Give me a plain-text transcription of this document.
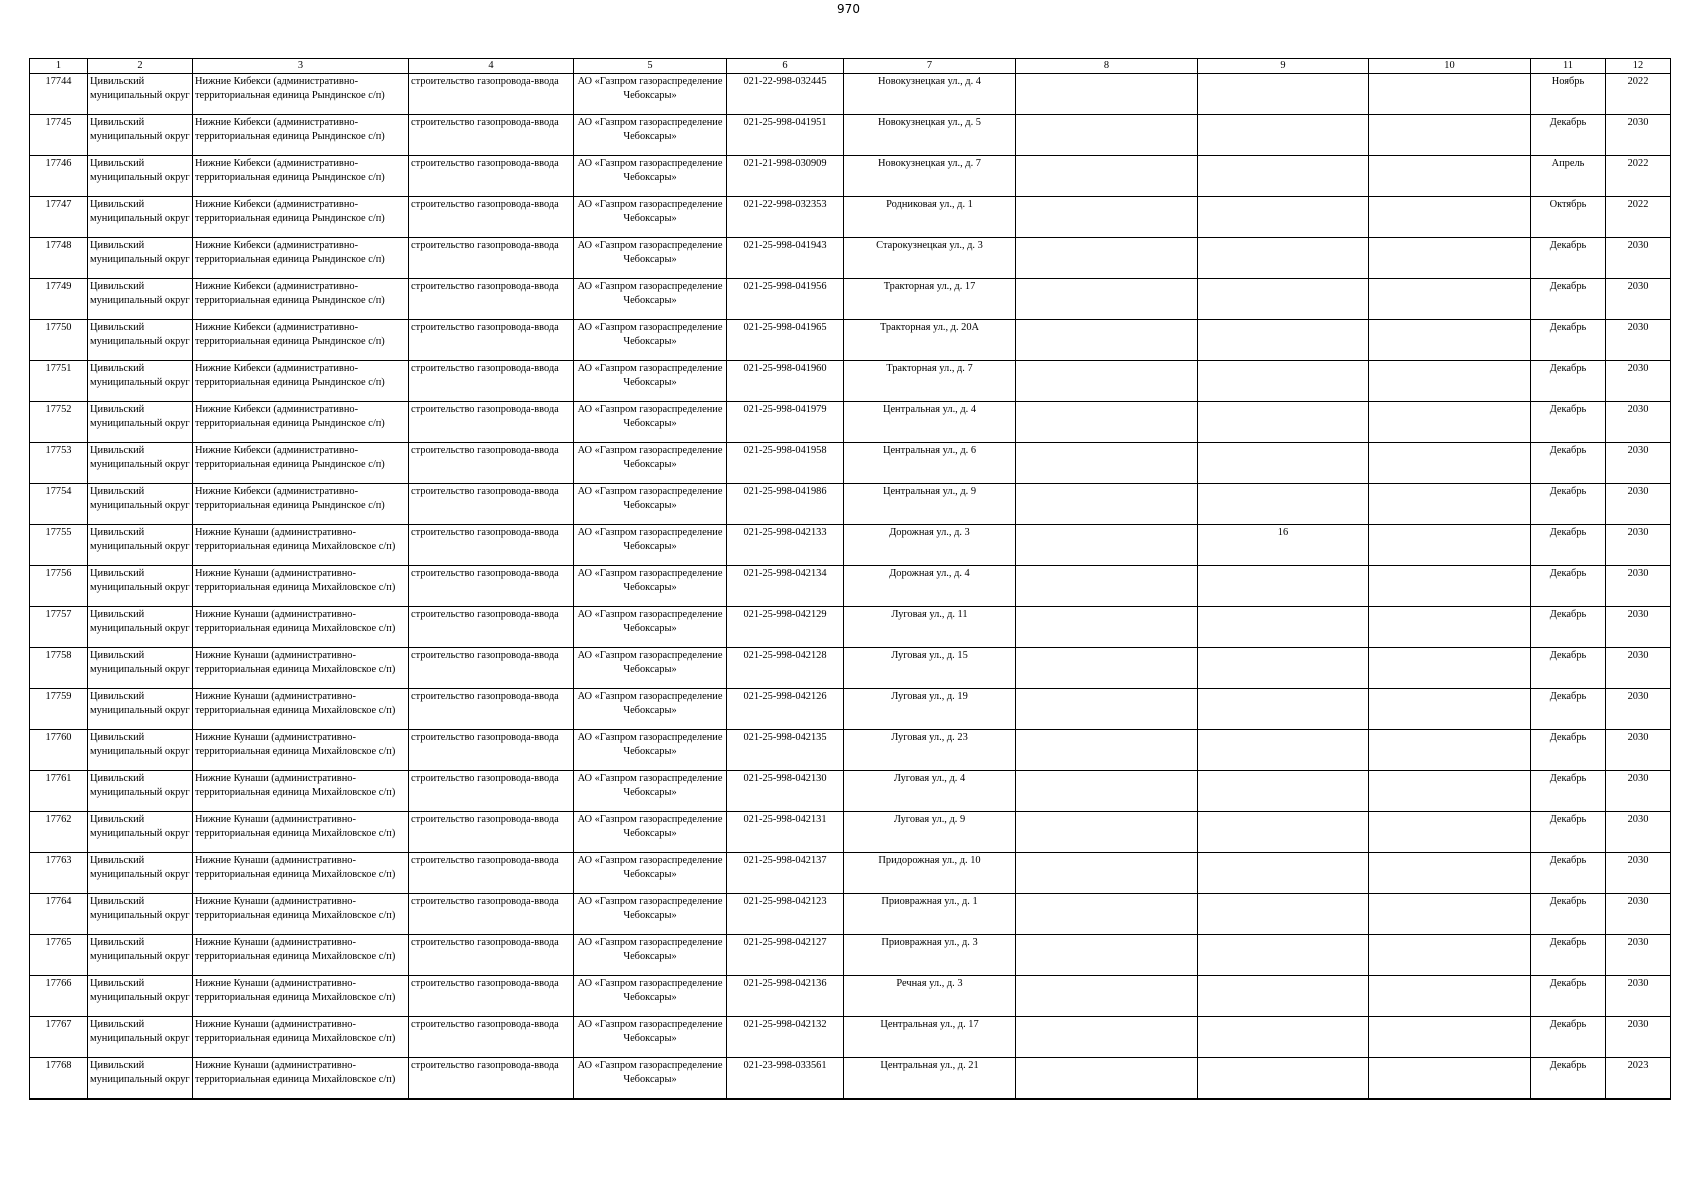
970
1	2	3	4	5	6	7	8	9	10	11	12

17744	Цивильский муниципальный округ	Нижние Кибекси (административно-территориальная единица Рындинское с/п)	строительство газопровода-ввода	АО «Газпром газораспределение Чебоксары»	021-22-998-032445	Новокузнецкая ул., д. 4				Ноябрь	2022

17745	Цивильский муниципальный округ	Нижние Кибекси (административно-территориальная единица Рындинское с/п)	строительство газопровода-ввода	АО «Газпром газораспределение Чебоксары»	021-25-998-041951	Новокузнецкая ул., д. 5				Декабрь	2030

17746	Цивильский муниципальный округ	Нижние Кибекси (административно-территориальная единица Рындинское с/п)	строительство газопровода-ввода	АО «Газпром газораспределение Чебоксары»	021-21-998-030909	Новокузнецкая ул., д. 7				Апрель	2022

17747	Цивильский муниципальный округ	Нижние Кибекси (административно-территориальная единица Рындинское с/п)	строительство газопровода-ввода	АО «Газпром газораспределение Чебоксары»	021-22-998-032353	Родниковая ул., д. 1				Октябрь	2022

17748	Цивильский муниципальный округ	Нижние Кибекси (административно-территориальная единица Рындинское с/п)	строительство газопровода-ввода	АО «Газпром газораспределение Чебоксары»	021-25-998-041943	Старокузнецкая ул., д. 3				Декабрь	2030

17749	Цивильский муниципальный округ	Нижние Кибекси (административно-территориальная единица Рындинское с/п)	строительство газопровода-ввода	АО «Газпром газораспределение Чебоксары»	021-25-998-041956	Тракторная ул., д. 17				Декабрь	2030

17750	Цивильский муниципальный округ	Нижние Кибекси (административно-территориальная единица Рындинское с/п)	строительство газопровода-ввода	АО «Газпром газораспределение Чебоксары»	021-25-998-041965	Тракторная ул., д. 20А				Декабрь	2030

17751	Цивильский муниципальный округ	Нижние Кибекси (административно-территориальная единица Рындинское с/п)	строительство газопровода-ввода	АО «Газпром газораспределение Чебоксары»	021-25-998-041960	Тракторная ул., д. 7				Декабрь	2030

17752	Цивильский муниципальный округ	Нижние Кибекси (административно-территориальная единица Рындинское с/п)	строительство газопровода-ввода	АО «Газпром газораспределение Чебоксары»	021-25-998-041979	Центральная ул., д. 4				Декабрь	2030

17753	Цивильский муниципальный округ	Нижние Кибекси (административно-территориальная единица Рындинское с/п)	строительство газопровода-ввода	АО «Газпром газораспределение Чебоксары»	021-25-998-041958	Центральная ул., д. 6				Декабрь	2030

17754	Цивильский муниципальный округ	Нижние Кибекси (административно-территориальная единица Рындинское с/п)	строительство газопровода-ввода	АО «Газпром газораспределение Чебоксары»	021-25-998-041986	Центральная ул., д. 9				Декабрь	2030

17755	Цивильский муниципальный округ	Нижние Кунаши (административно-территориальная единица Михайловское с/п)	строительство газопровода-ввода	АО «Газпром газораспределение Чебоксары»	021-25-998-042133	Дорожная ул., д. 3		16		Декабрь	2030

17756	Цивильский муниципальный округ	Нижние Кунаши (административно-территориальная единица Михайловское с/п)	строительство газопровода-ввода	АО «Газпром газораспределение Чебоксары»	021-25-998-042134	Дорожная ул., д. 4				Декабрь	2030

17757	Цивильский муниципальный округ	Нижние Кунаши (административно-территориальная единица Михайловское с/п)	строительство газопровода-ввода	АО «Газпром газораспределение Чебоксары»	021-25-998-042129	Луговая ул., д. 11				Декабрь	2030

17758	Цивильский муниципальный округ	Нижние Кунаши (административно-территориальная единица Михайловское с/п)	строительство газопровода-ввода	АО «Газпром газораспределение Чебоксары»	021-25-998-042128	Луговая ул., д. 15				Декабрь	2030

17759	Цивильский муниципальный округ	Нижние Кунаши (административно-территориальная единица Михайловское с/п)	строительство газопровода-ввода	АО «Газпром газораспределение Чебоксары»	021-25-998-042126	Луговая ул., д. 19				Декабрь	2030

17760	Цивильский муниципальный округ	Нижние Кунаши (административно-территориальная единица Михайловское с/п)	строительство газопровода-ввода	АО «Газпром газораспределение Чебоксары»	021-25-998-042135	Луговая ул., д. 23				Декабрь	2030

17761	Цивильский муниципальный округ	Нижние Кунаши (административно-территориальная единица Михайловское с/п)	строительство газопровода-ввода	АО «Газпром газораспределение Чебоксары»	021-25-998-042130	Луговая ул., д. 4				Декабрь	2030

17762	Цивильский муниципальный округ	Нижние Кунаши (административно-территориальная единица Михайловское с/п)	строительство газопровода-ввода	АО «Газпром газораспределение Чебоксары»	021-25-998-042131	Луговая ул., д. 9				Декабрь	2030

17763	Цивильский муниципальный округ	Нижние Кунаши (административно-территориальная единица Михайловское с/п)	строительство газопровода-ввода	АО «Газпром газораспределение Чебоксары»	021-25-998-042137	Придорожная ул., д. 10				Декабрь	2030

17764	Цивильский муниципальный округ	Нижние Кунаши (административно-территориальная единица Михайловское с/п)	строительство газопровода-ввода	АО «Газпром газораспределение Чебоксары»	021-25-998-042123	Приовражная ул., д. 1				Декабрь	2030

17765	Цивильский муниципальный округ	Нижние Кунаши (административно-территориальная единица Михайловское с/п)	строительство газопровода-ввода	АО «Газпром газораспределение Чебоксары»	021-25-998-042127	Приовражная ул., д. 3				Декабрь	2030

17766	Цивильский муниципальный округ	Нижние Кунаши (административно-территориальная единица Михайловское с/п)	строительство газопровода-ввода	АО «Газпром газораспределение Чебоксары»	021-25-998-042136	Речная ул., д. 3				Декабрь	2030

17767	Цивильский муниципальный округ	Нижние Кунаши (административно-территориальная единица Михайловское с/п)	строительство газопровода-ввода	АО «Газпром газораспределение Чебоксары»	021-25-998-042132	Центральная ул., д. 17				Декабрь	2030

17768	Цивильский муниципальный округ	Нижние Кунаши (административно-территориальная единица Михайловское с/п)	строительство газопровода-ввода	АО «Газпром газораспределение Чебоксары»	021-23-998-033561	Центральная ул., д. 21				Декабрь	2023
